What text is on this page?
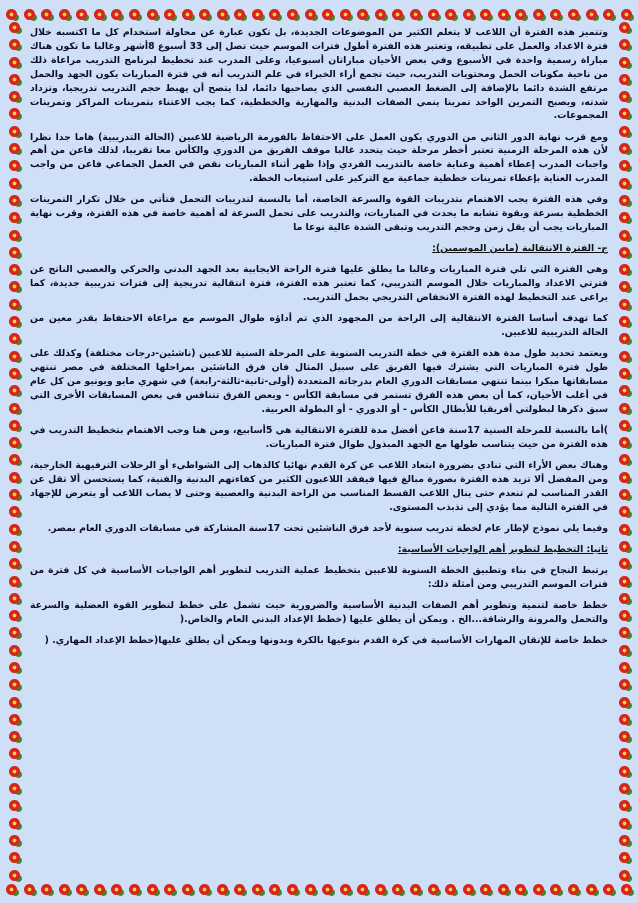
وتتميز هذه الفترة أن اللاعب لا يتعلم الكثير من الموضوعات الجديدة، بل تكون عبارة عن محاولة استخدام كل ما اكتسبه خلال فترة الاعداد والعمل على تطبيقه، وتعتبر هذه الفترة أطول فترات الموسم حيث تصل إلى 33 أسبوع 8أشهر وغالبا ما تكون هناك مباراة رسمية واحدة في الأسبوع وفي بعض الأحيان مباراتان أسبوعيا، وعلى المدرب عند تخطيط لبرنامج التدريب مراعاة ذلك من ناحية مكونات الحمل ومحتويات التدريب، حيث تجمع أراء الخبراء في علم التدريب أنه في فترة المباريات يكون الجهد والحمل مرتفع الشدة دائما بالإضافة إلى الضغط العصبي النفسي الذي يصاحبها دائما، لذا يتصح أن يهبط حجم التدريب تدريجيا، وتزداد شدته، ويصبح التمرين الواحد تمرينا ينمي الصفات البدنية والمهارية والخططية، كما يجب الاعتناء بتمرينات المراكز وتمرينات المجموعات.

ومع قرب نهاية الدور الثاني من الدوري يكون العمل على الاحتفاظ بالفورمة الرياضية للاعبين (الحالة التدريبية) هاما جدا نظرا لأن هذه المرحلة الزمنية تعتبر أخطر مرحلة حيث يتحدد غالبا موقف الفريق من الدوري والكأس معا تقريبا، لذلك فاعن من أهم واجبات المدرب إعطاء أهمية وعناية خاصة بالتدريب الفردي وإذا ظهر أثناء المباريات نقص في العمل الجماعي فاعن من واجب المدرب العناية بإعطاء تمرينات خططية جماعية مع التركيز على استيعاب الخطة.

وفي هذه الفترة يجب الاهتمام بتدريبات القوة والسرعة الخاصة، أما بالنسبة لتدريبات التحمل فتأتي من خلال تكرار التمرينات الخططية بسرعة وبقوة تشابه ما يحدث في المباريات، والتدريب على تحمل السرعة له أهمية خاصة في هذه الفترة، وقرب نهاية المباريات يجب أن يقل زمن وحجم التدريب وتبقى الشدة عالية نوعا ما

ج- الفترة الانتقالية (مابين الموسمين):

وهي الفترة التي تلي فترة المباريات وغالبا ما يطلق عليها فترة الراحة الايجابية بعد الجهد البدني والحركي والعصبي الناتج عن فترتي الاعداد والمباريات خلال الموسم التدريبي، كما تعتبر هذه الفترة، فترة انتقالية تدريجية إلى فترات تدريبية جديدة، كما يراعى عند التخطيط لهذه الفترة الانخفاض التدريجي بحمل التدريب.

كما تهدف أساسا الفترة الانتقالية إلى الراحة من المجهود الذي تم أداؤه طوال الموسم مع مراعاة الاحتفاظ بقدر معين من الحالة التدريبية للاعبين.

ويعتمد تحديد طول مدة هذه الفترة في خطة التدريب السنوية على المرحلة السنية للاعبين (ناشئين-درجات مختلفة) وكذلك على طول فترة المباريات التي يشترك فيها الفريق على سبيل المثال فان فرق الناشئين بمراحلها المختلفة في مصر تنتهي مسابقاتها مبكرا بينما تنتهي مسابقات الدوري العام بدرجاته المتعددة (أولى-ثانية-ثالثة-رابعة) في شهري مايو ويونيو من كل عام في أغلب الأحيان، كما أن بعض هذه الفرق تستمر في مسابقة الكأس - وبعض الفرق تتنافس في بعض المسابقات الأخرى التي سبق ذكرها لبطولتي أفريقيا للأبطال الكأس - أو الدوري - أو البطولة العربية.

)أما بالنسبة للمرحلة السنية 17سنة فاعن أفضل مدة للفترة الانتقالية هي 5أسابيع، ومن هنا وجب الاهتمام بتخطيط التدريب في هذه الفترة من حيث يتناسب طولها مع الجهد المبذول طوال فترة المباريات.

وهناك بعض الأراء التي تنادي بضرورة ابتعاد اللاعب عن كرة القدم نهائيا كالذهاب إلى الشواطيء أو الرحلات الترفيهية الخارجية، ومن المفضل ألا تزيد هذه الفترة بصورة مبالغ فيها فيفقد اللاعبون الكثير من كفاءتهم البدنية والفنية، كما يستحسن ألا تقل عن القدر المناسب لم تنعدم حتى ينال اللاعب القسط المناسب من الراحة البدنية والعصبية وحتى لا يصاب اللاعب أو يتعرض للإجهاد في الفترة التالية مما يؤدي إلى تذبذب المستوى.

وفيما يلي نموذج لإطار عام لخطة تدريب سنوية لأحد فرق الناشئين تحت 17سنة المشاركة في مسابقات الدوري العام بمصر.

ثانيا: التخطيط لتطوير أهم الواجبات الأساسية:

يرتبط النجاح في بناء وتطبيق الخطة السنوية للاعبين بتخطيط عملية التدريب لتطوير أهم الواجبات الأساسية في كل فترة من فترات الموسم التدريبي ومن أمثلة ذلك:

خطط خاصة لتنمية وتطوير أهم الصفات البدنية الأساسية والضرورية حيث تشمل على خطط لتطوير القوة العضلية والسرعة والتحمل والمرونة والرشاقة...الخ . ويمكن أن يطلق عليها (خطط الإعداد البدني العام والخاص.(

خطط خاصة للإتقان المهارات الأساسية في كرة القدم بنوعيها بالكرة وبدونها ويمكن أن يطلق عليها(خطط الإعداد المهاري. (
